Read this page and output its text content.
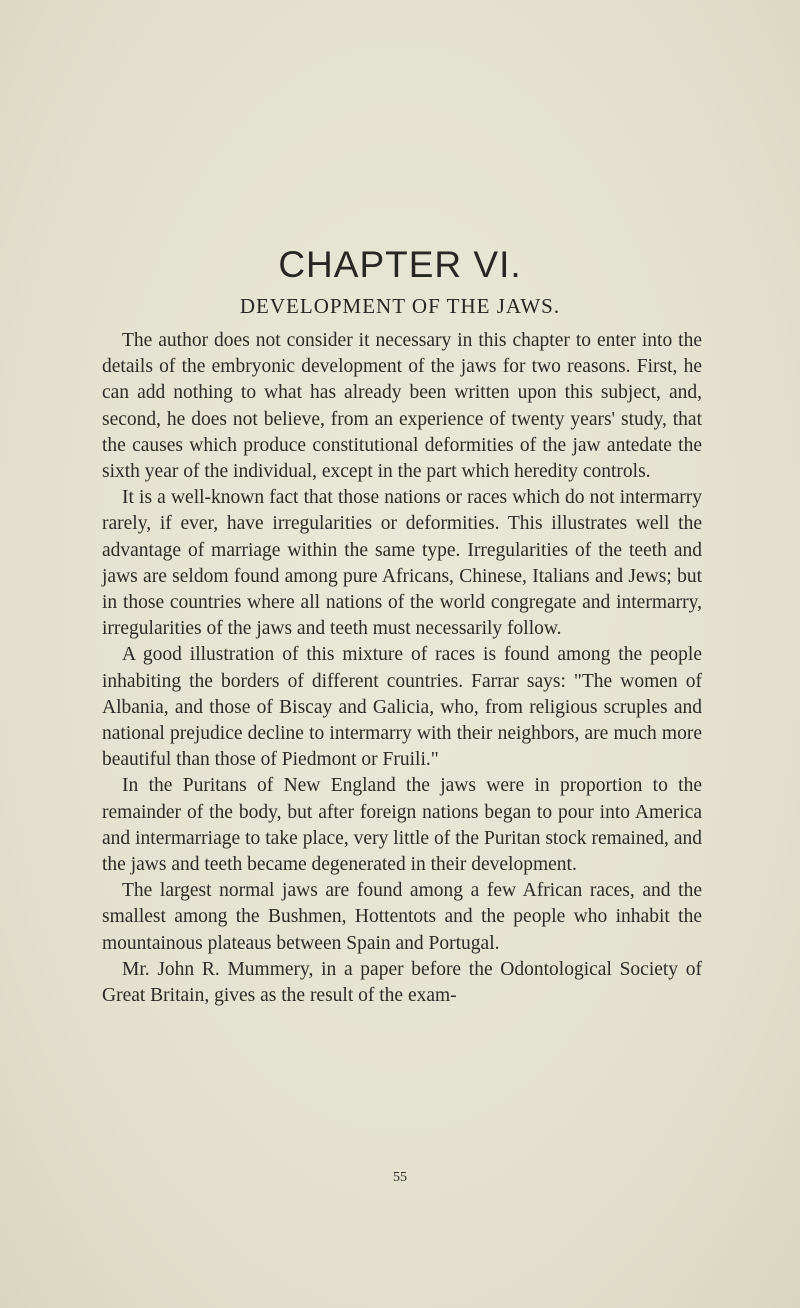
CHAPTER VI.
DEVELOPMENT OF THE JAWS.

The author does not consider it necessary in this chapter to enter into the details of the embryonic development of the jaws for two reasons. First, he can add nothing to what has already been written upon this subject, and, second, he does not believe, from an experience of twenty years' study, that the causes which produce constitutional deformities of the jaw antedate the sixth year of the individual, except in the part which heredity controls.

It is a well-known fact that those nations or races which do not intermarry rarely, if ever, have irregularities or deformities. This illustrates well the advantage of marriage within the same type. Irregularities of the teeth and jaws are seldom found among pure Africans, Chinese, Italians and Jews; but in those countries where all nations of the world congregate and intermarry, irregularities of the jaws and teeth must necessarily follow.

A good illustration of this mixture of races is found among the people inhabiting the borders of different countries. Farrar says: "The women of Albania, and those of Biscay and Galicia, who, from religious scruples and national prejudice decline to intermarry with their neighbors, are much more beautiful than those of Piedmont or Fruili."

In the Puritans of New England the jaws were in proportion to the remainder of the body, but after foreign nations began to pour into America and intermarriage to take place, very little of the Puritan stock remained, and the jaws and teeth became degenerated in their development.

The largest normal jaws are found among a few African races, and the smallest among the Bushmen, Hottentots and the people who inhabit the mountainous plateaus between Spain and Portugal.

Mr. John R. Mummery, in a paper before the Odontological Society of Great Britain, gives as the result of the exam-

55
